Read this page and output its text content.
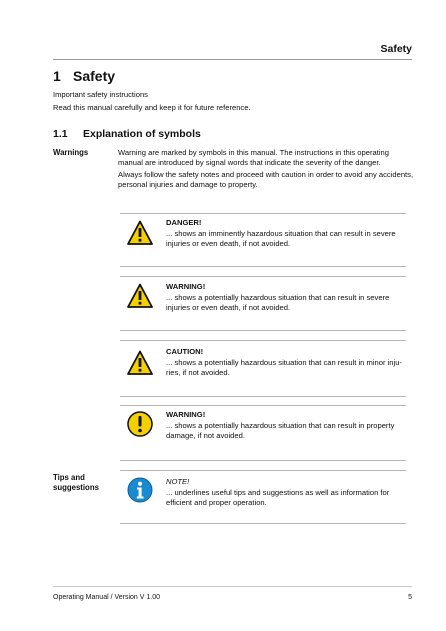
Safety
1 Safety
Important safety instructions
Read this manual carefully and keep it for future reference.
1.1 Explanation of symbols
Warnings	Warning are marked by symbols in this manual. The instructions in this operating manual are introduced by signal words that indicate the severity of the danger.
Always follow the safety notes and proceed with caution in order to avoid any accidents, personal injuries and damage to property.
DANGER!
... shows an imminently hazardous situation that can result in severe injuries or even death, if not avoided.
WARNING!
... shows a potentially hazardous situation that can result in severe injuries or even death, if not avoided.
CAUTION!
... shows a potentially hazardous situation that can result in minor inju-ries, if not avoided.
WARNING!
... shows a potentially hazardous situation that can result in property damage, if not avoided.
Tips and
suggestions
NOTE!
... underlines useful tips and suggestions as well as information for efficient and proper operation.
Operating Manual / Version V 1.00	5
